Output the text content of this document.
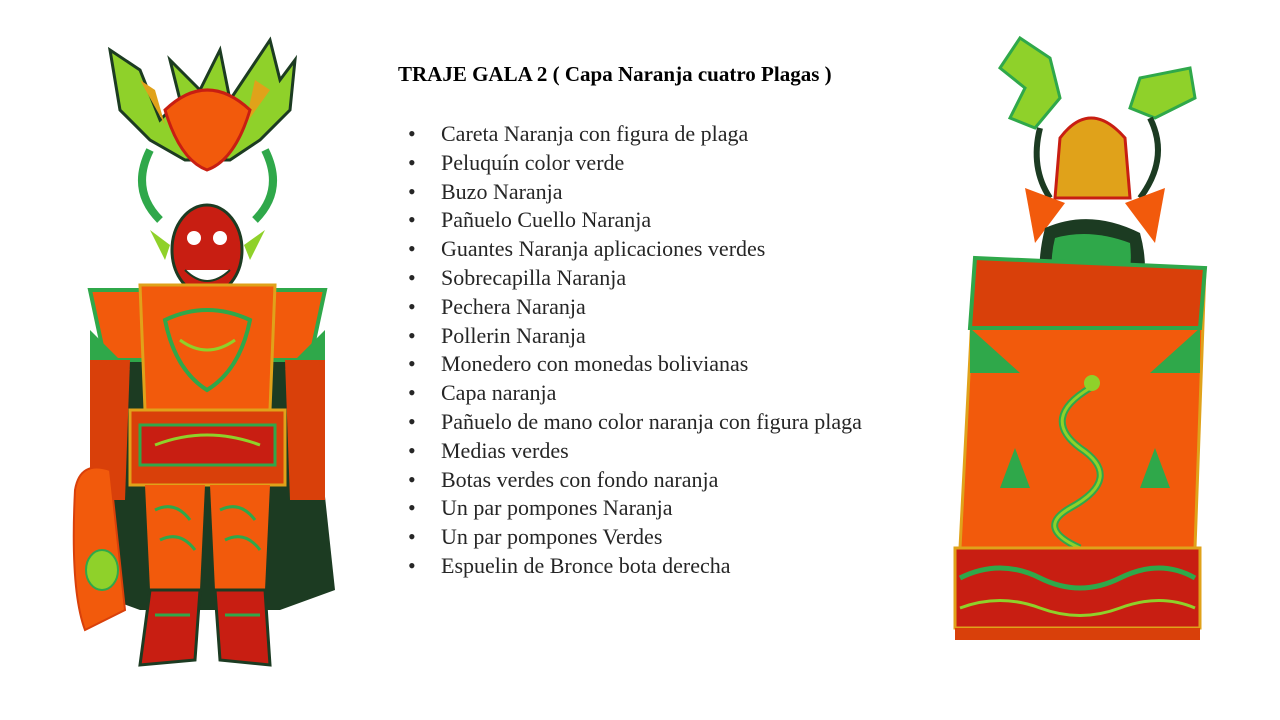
TRAJE GALA 2 ( Capa Naranja cuatro Plagas )
• Careta Naranja con figura de plaga
• Peluquín color verde
• Buzo Naranja
• Pañuelo Cuello Naranja
• Guantes Naranja aplicaciones verdes
• Sobrecapilla Naranja
• Pechera Naranja
• Pollerin Naranja
• Monedero con monedas bolivianas
• Capa naranja
• Pañuelo de mano color naranja con figura plaga
• Medias verdes
• Botas verdes con fondo naranja
• Un par pompones Naranja
• Un par pompones Verdes
• Espuelin de Bronce bota derecha
